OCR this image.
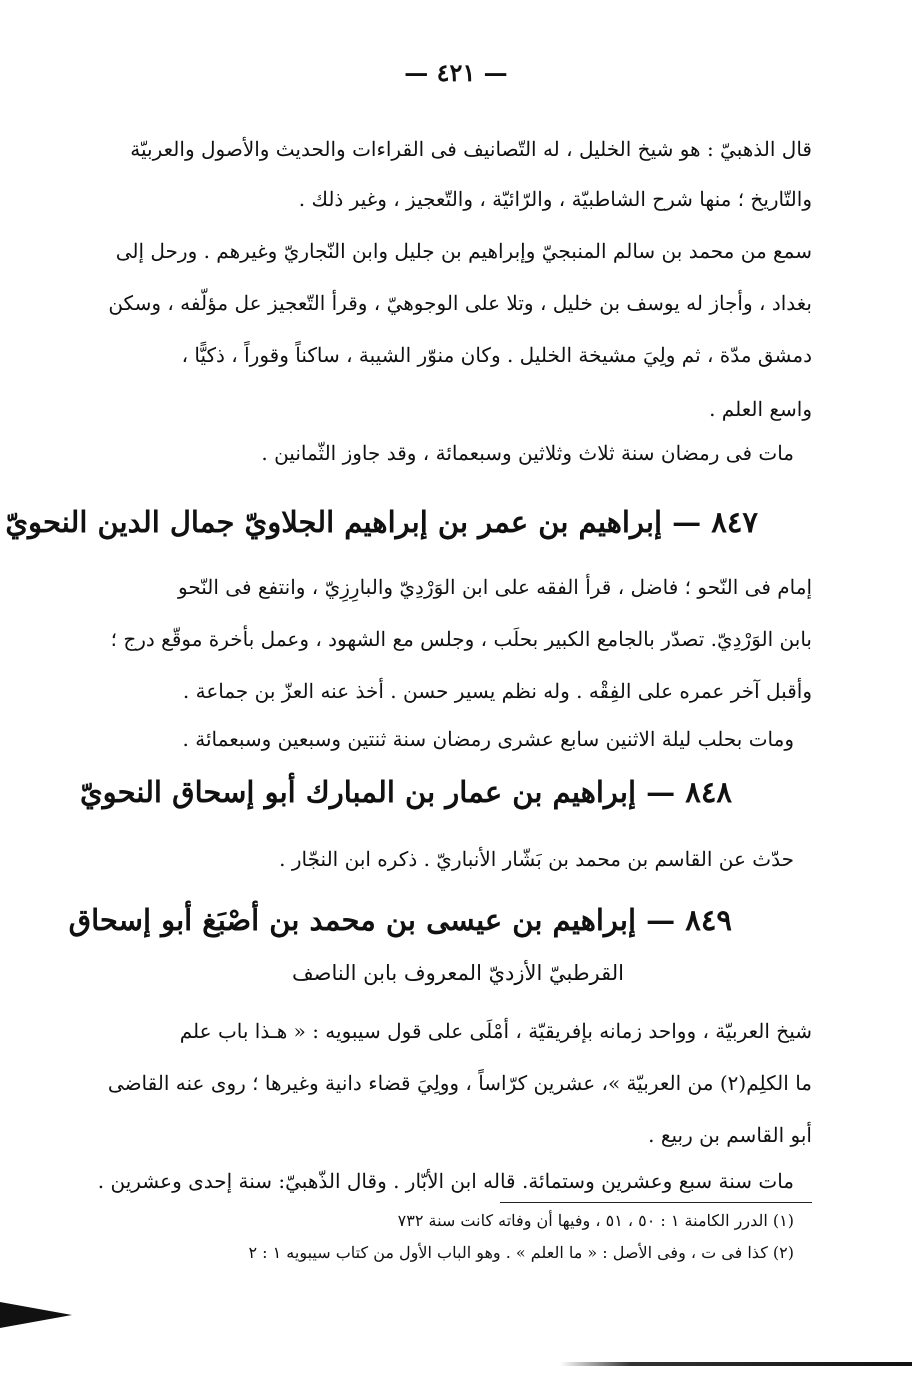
— ٤٢١ —
قال الذهبيّ : هو شيخ الخليل ، له التّصانيف فى القراءات والحديث والأصول والعربيّة
والتّاريخ ؛ منها شرح الشاطبيّة ، والرّائيّة ، والتّعجيز ، وغير ذلك .
سمع من محمد بن سالم المنبجيّ وإبراهيم بن جليل وابن النّجاريّ وغيرهم . ورحل إلى
بغداد ، وأجاز له يوسف بن خليل ، وتلا على الوجوهيّ ، وقرأ التّعجيز عل مؤلّفه ، وسكن
دمشق مدّة ، ثم ولِيَ مشيخة الخليل . وكان منوّر الشيبة ، ساكناً وقوراً ، ذكيًّا ،
واسع العلم .
مات فى رمضان سنة ثلاث وثلاثين وسبعمائة ، وقد جاوز الثّمانين .
٨٤٧ — إبراهيم بن عمر بن إبراهيم الجلاويّ جمال الدين النحويّ
إمام فى النّحو ؛ فاضل ، قرأ الفقه على ابن الوَرْدِيّ والبارِزِيّ ، وانتفع فى النّحو
بابن الوَرْدِيّ. تصدّر بالجامع الكبير بحلَب ، وجلس مع الشهود ، وعمل بأخرة موقّع درج ؛
وأقبل آخر عمره على الفِقْه . وله نظم يسير حسن . أخذ عنه العزّ بن جماعة .
ومات بحلب ليلة الاثنين سابع عشرى رمضان سنة ثنتين وسبعين وسبعمائة .
٨٤٨ — إبراهيم بن عمار بن المبارك أبو إسحاق النحويّ
حدّث عن القاسم بن محمد بن بَشّار الأنباريّ . ذكره ابن النجّار .
٨٤٩ — إبراهيم بن عيسى بن محمد بن أصْبَغ أبو إسحاق
القرطبيّ الأزديّ المعروف بابن الناصف
شيخ العربيّة ، وواحد زمانه بإفريقيّة ، أمْلَى على قول سيبويه : « هـذا باب علم
ما الكلِم(٢) من العربيّة »، عشرين كرّاساً ، وولِيَ قضاء دانية وغيرها ؛ روى عنه القاضى
أبو القاسم بن ربيع .
مات سنة سبع وعشرين وستمائة. قاله ابن الأبّار . وقال الذّهبيّ: سنة إحدى وعشرين .
(١) الدرر الكامنة ١ : ٥٠ ، ٥١ ، وفيها أن وفاته كانت سنة ٧٣٢
(٢) كذا فى ت ، وفى الأصل : « ما العلم » . وهو الباب الأول من كتاب سيبويه ١ : ٢
